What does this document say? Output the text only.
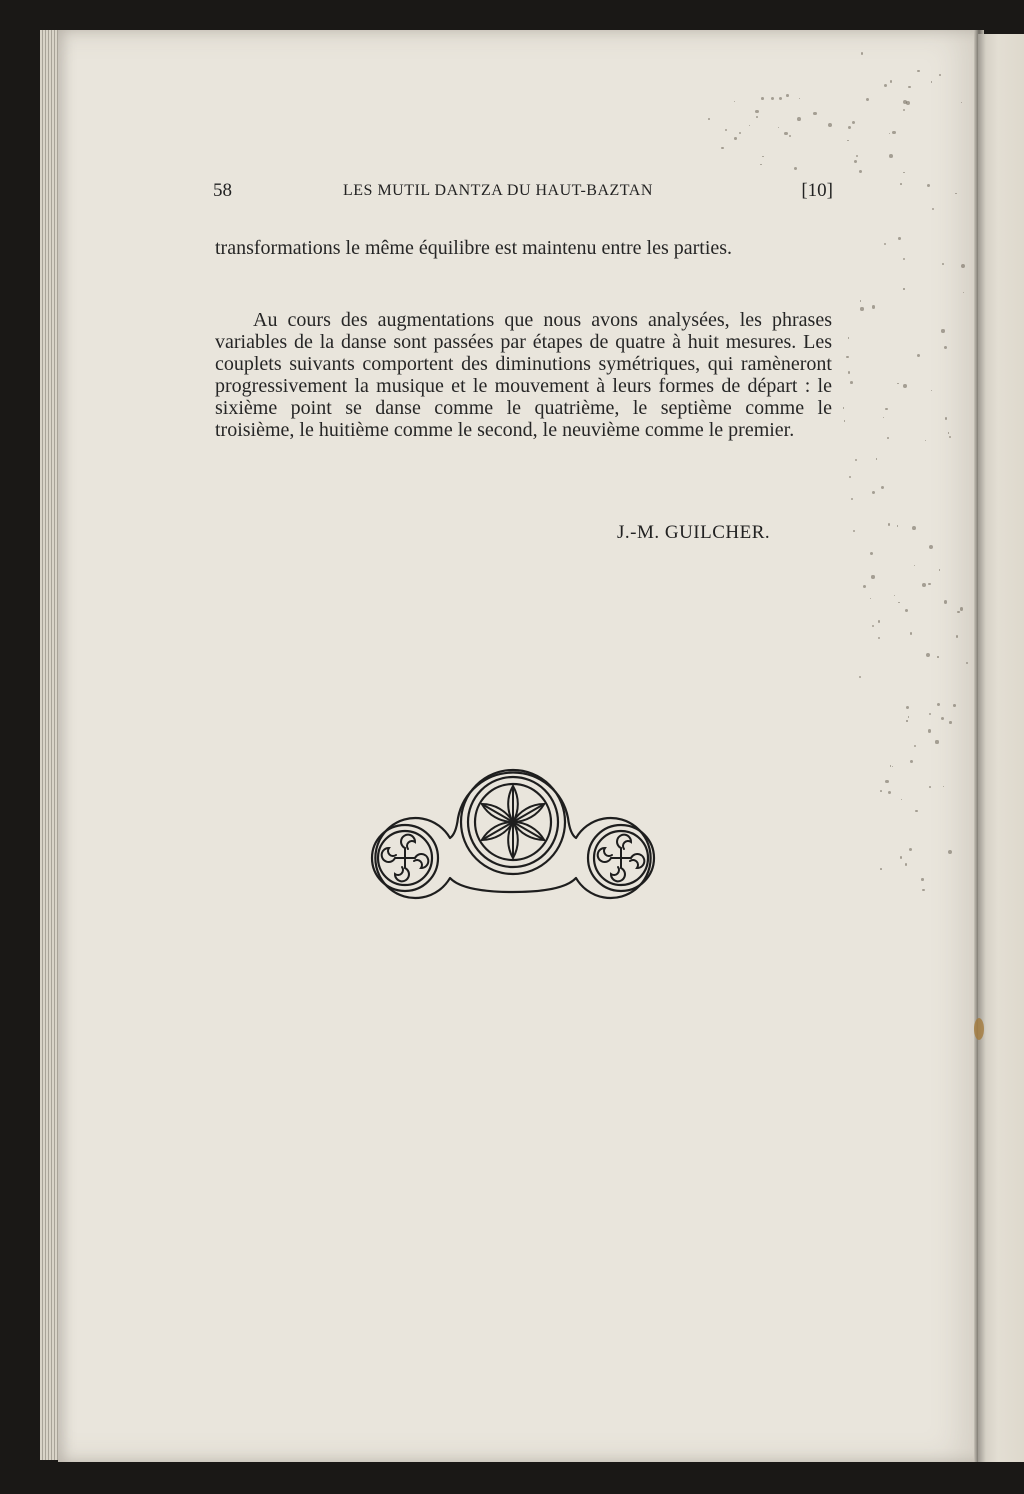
58	LES MUTIL DANTZA DU HAUT-BAZTAN	[10]

transformations le même équilibre est maintenu entre les parties.

Au cours des augmentations que nous avons analysées, les phrases variables de la danse sont passées par étapes de quatre à huit mesures. Les couplets suivants comportent des diminutions symétriques, qui ramèneront progressivement la musique et le mouvement à leurs formes de départ : le sixième point se danse comme le quatrième, le septième comme le troisième, le huitième comme le second, le neuvième comme le premier.

J.-M. GUILCHER.
